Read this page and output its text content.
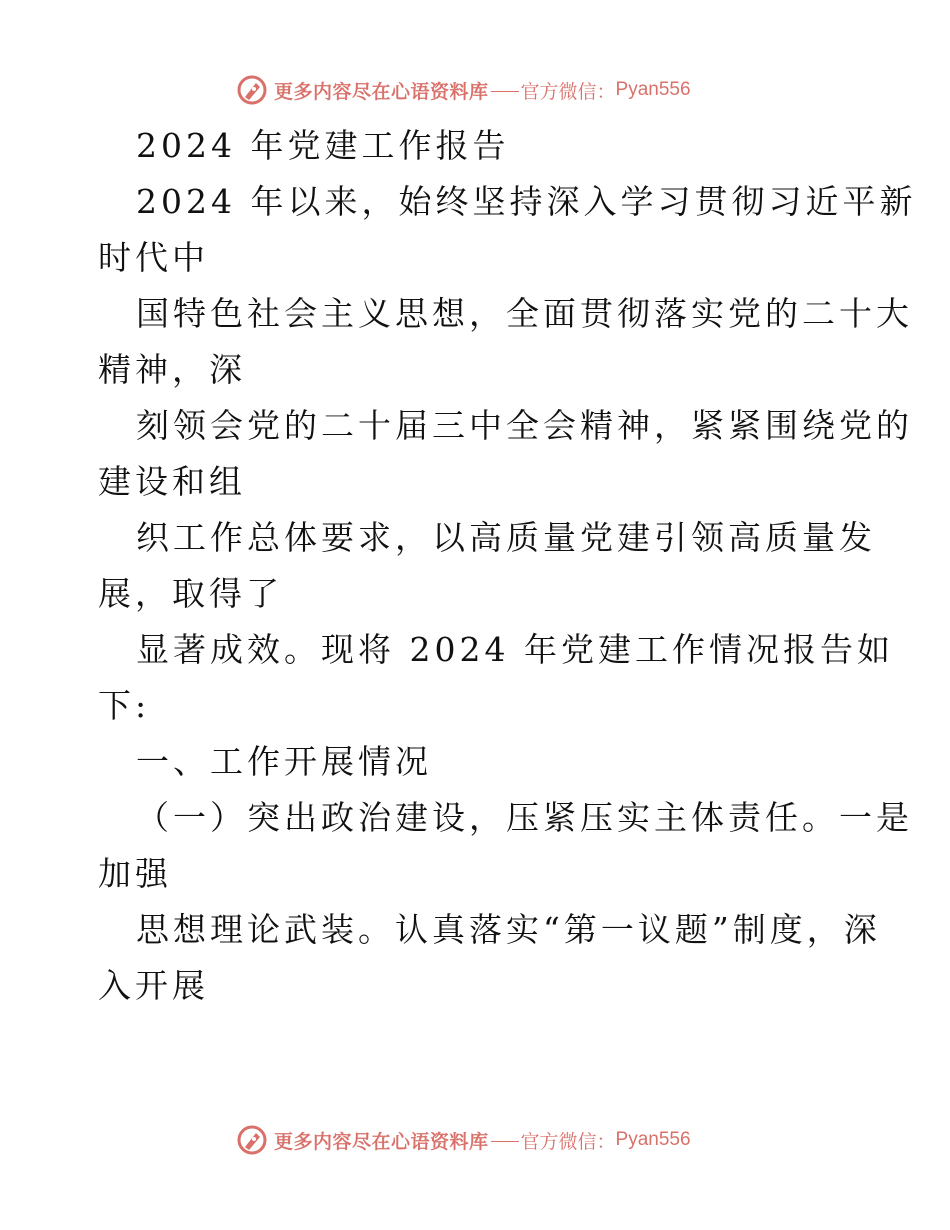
更多内容尽在心语资料库 官方微信： Pyan556
2024 年党建工作报告
2024 年以来，始终坚持深入学习贯彻习近平新
时代中
国特色社会主义思想，全面贯彻落实党的二十大
精神，深
刻领会党的二十届三中全会精神，紧紧围绕党的
建设和组
织工作总体要求，以高质量党建引领高质量发
展，取得了
显著成效。现将 2024 年党建工作情况报告如
下:
一、工作开展情况
（一）突出政治建设，压紧压实主体责任。一是
加强
思想理论武装。认真落实“第一议题”制度，深
入开展
更多内容尽在心语资料库 官方微信： Pyan556
